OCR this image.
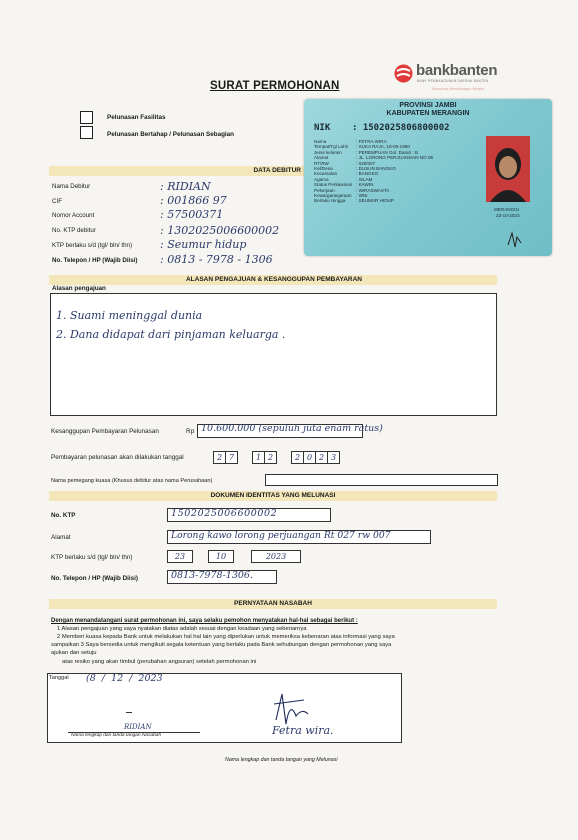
bankbanten
BANK PEMBANGUNAN DAERAH BANTEN
Bersama Membangun Negeri
SURAT PERMOHONAN
Pelunasan Fasilitas
Pelunasan Bertahap / Pelunasan Sebagian
DATA DEBITUR
Nama Debitur	: RIDIAN
CIF	: 001866 97
Nomor Account	: 57500371
No. KTP debitur	: 1302025006600002
KTP berlaku s/d (tgl/ bln/ thn)	: Seumur hidup
No. Telepon / HP (Wajib Diisi) : 0813 - 7978 - 1306
PROVINSI JAMBI
KABUPATEN MERANGIN
NIK : 1502025806800002
Nama	: FETRA WIRA
Tempat/Tgl Lahir : SUKA RAJA, 18-06-1980
Jenis kelamin	: PEREMPUAN Gol. Darah : B
Alamat	: JL. LORONG PERJUANGAN NO 06
RT/RW	: 029/007
Kel/Desa	: DUSUN BANGKO
Kecamatan	: BANGKO
Agama	: ISLAM
Status Perkawinan : KAWIN
Pekerjaan	: WIRASWASTA
Kewarganegaraan : WNI
Berlaku Hingga : SEUMUR HIDUP
MERANGIN
23-10-2023
ALASAN PENGAJUAN & KESANGGUPAN PEMBAYARAN
Alasan pengajuan
1. Suami meninggal dunia
2. Dana didapat dari pinjaman keluarga .
Kesanggupan Pembayaran Pelunasan	Rp 10.600.000 (sepuluh juta enam ratus)
Pembayaran pelunasan akan dilakukan tanggal	2 7	1 2	2 0 2 3
Nama pemegang kuasa (Khusus debitur atas nama Perusahaan)
DOKUMEN IDENTITAS YANG MELUNASI
No. KTP	1502025006600002
Alamat	Lorong kawo lorong perjuangan Rt 027 rw 007
KTP berlaku s/d (tgl/ bln/ thn)	23	10	2023
No. Telepon / HP (Wajib Diisi)	0813-7978-1306.
PERNYATAAN NASABAH
Dengan menandatangani surat permohonan ini, saya selaku pemohon menyatakan hal-hal sebagai berikut :
1 Alasan pengajuan yang saya nyatakan diatas adalah sesuai dengan keadaan yang sebenarnya
2 Memberi kuasa kepada Bank untuk melakukan hal hal lain yang diperlukan untuk memeriksa kebenaran atas informasi yang saya
sampaikan 3 Saya bersedia untuk mengikuti segala ketentuan yang berlaku pada Bank sehubungan dengan permohonan yang saya
ajukan dan setuju
atas resiko yang akan timbul (perubahan angsuran) setelah permohonan ini
Tanggal (8  /  12  /  2023
RIDIAN
Nama lengkap dan tanda tangan Nasabah	Fetra wira.
Nama lengkap dan tanda tangan yang Melunasi
